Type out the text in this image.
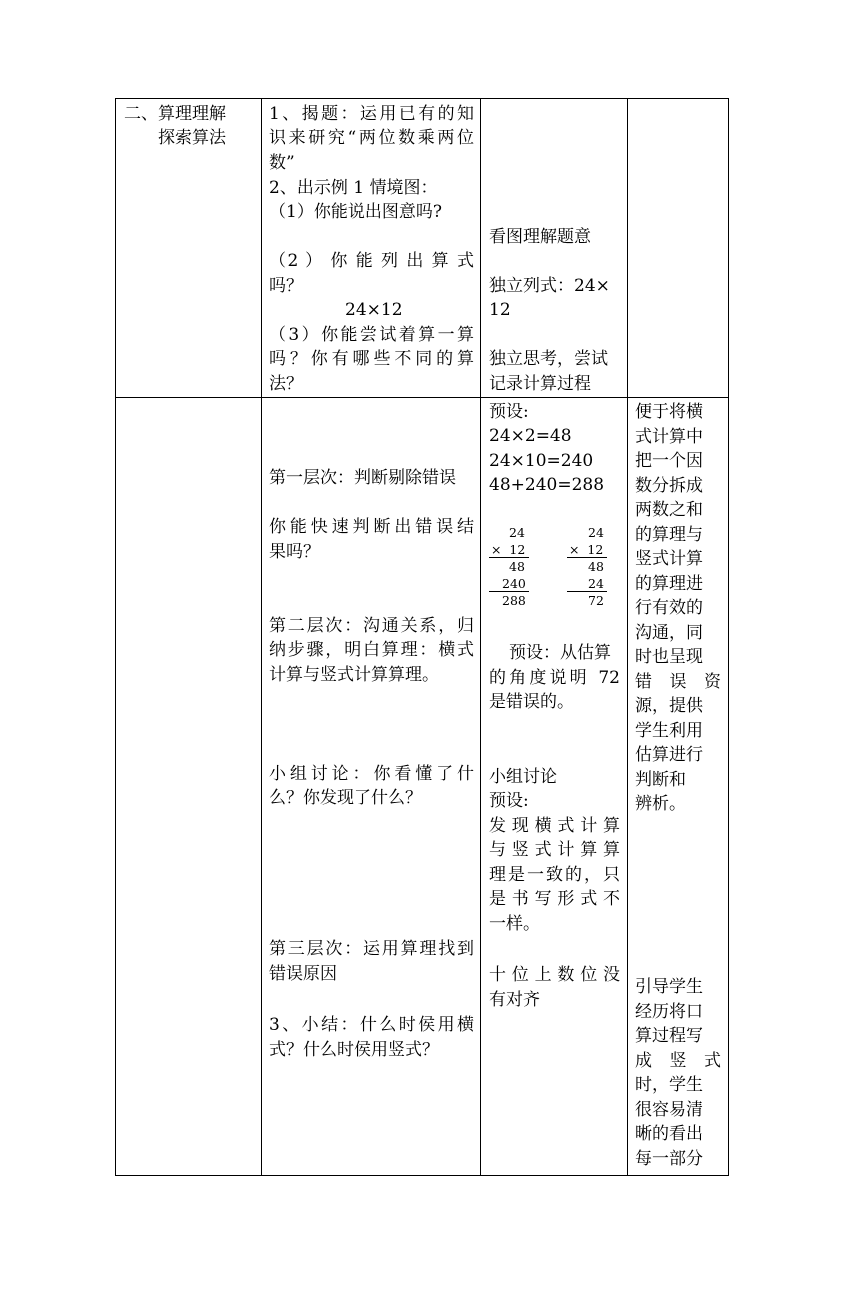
二、算理理解
探索算法
1、揭题：运用已有的知
识来研究“两位数乘两位
数”
2、出示例 1 情境图：
（1）你能说出图意吗?
（2 ） 你 能 列 出 算 式
吗？
24×12
（3）你能尝试着算一算
吗？你有哪些不同的算
法？
看图理解题意
独立列式：24×
12
独立思考，尝试
记录计算过程
第一层次：判断剔除错误
你能快速判断出错误结
果吗？
第二层次：沟通关系，归
纳步骤，明白算理：横式
计算与竖式计算算理。
小组讨论：你看懂了什
么？你发现了什么？
第三层次：运用算理找到
错误原因
3、小结：什么时侯用横
式？什么时侯用竖式？
预设:
24×2=48
24×10=240
48+240=288
24
×  12
48
240
288
24
×  12
48
24
72
预设：从估算
的角度说明 72
是错误的。
小组讨论
预设:
发现横式计算
与竖式计算算
理是一致的，只
是书写形式不
一样。
十位上数位没
有对齐
便于将横
式计算中
把一个因
数分拆成
两数之和
的算理与
竖式计算
的算理进
行有效的
沟通，同
时也呈现
错 误 资
源，提供
学生利用
估算进行
判断和
辨析。
引导学生
经历将口
算过程写
成 竖 式
时，学生
很容易清
晰的看出
每一部分
